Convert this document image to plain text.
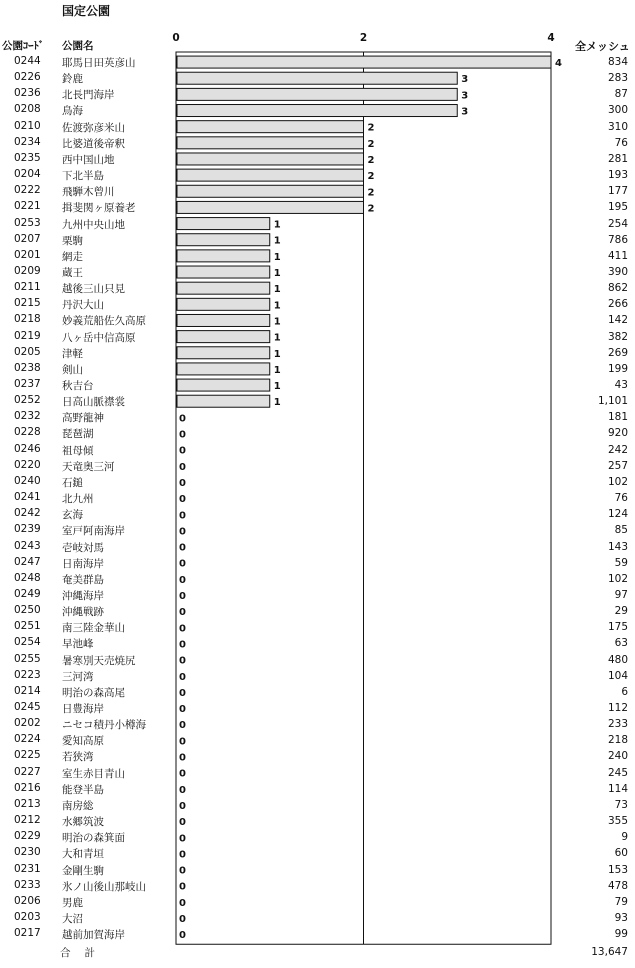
国定公園
公園ｺｰﾄﾞ 公園名	全メッシュ
0	2	4
4
3
3
3
2
2
2
2
2
2
1
1
1
1
1
1
1
1
1
1
1
1
0
0
0
0
0
0
0
0
0
0
0
0
0
0
0
0
0
0
0
0
0
0
0
0
0
0
0
0
0
0
0
0
0
0244 耶馬日田英彦山	834
0226 鈴鹿	283
0236 北長門海岸	87
0208 鳥海	300
0210 佐渡弥彦米山	310
0234 比婆道後帝釈	76
0235 西中国山地	281
0204 下北半島	193
0222 飛騨木曾川	177
0221 揖斐関ヶ原養老	195
0253 九州中央山地	254
0207 栗駒	786
0201 網走	411
0209 蔵王	390
0211 越後三山只見	862
0215 丹沢大山	266
0218 妙義荒船佐久高原	142
0219 八ヶ岳中信高原	382
0205 津軽	269
0238 剣山	199
0237 秋吉台	43
0252 日高山脈襟裳	1,101
0232 高野龍神	181
0228 琵琶湖	920
0246 祖母傾	242
0220 天竜奥三河	257
0240 石鎚	102
0241 北九州	76
0242 玄海	124
0239 室戸阿南海岸	85
0243 壱岐対馬	143
0247 日南海岸	59
0248 奄美群島	102
0249 沖縄海岸	97
0250 沖縄戦跡	29
0251 南三陸金華山	175
0254 早池峰	63
0255 暑寒別天売焼尻	480
0223 三河湾	104
0214 明治の森高尾	6
0245 日豊海岸	112
0202 ニセコ積丹小樽海	233
0224 愛知高原	218
0225 若狭湾	240
0227 室生赤目青山	245
0216 能登半島	114
0213 南房総	73
0212 水郷筑波	355
0229 明治の森箕面	9
0230 大和青垣	60
0231 金剛生駒	153
0233 氷ノ山後山那岐山	478
0206 男鹿	79
0203 大沼	93
0217 越前加賀海岸	99
合計	13,647
